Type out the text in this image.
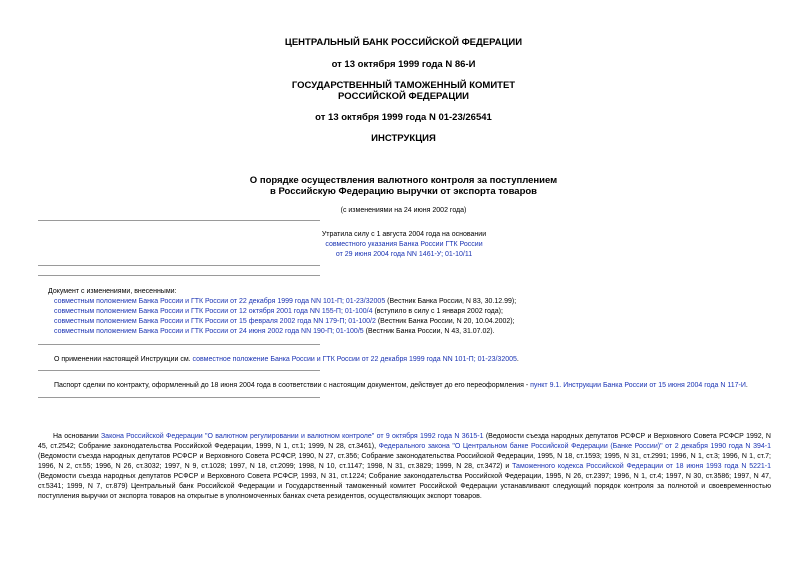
ЦЕНТРАЛЬНЫЙ БАНК РОССИЙСКОЙ ФЕДЕРАЦИИ
от 13 октября 1999 года N 86-И
ГОСУДАРСТВЕННЫЙ ТАМОЖЕННЫЙ КОМИТЕТ
РОССИЙСКОЙ ФЕДЕРАЦИИ
от 13 октября 1999 года N 01-23/26541
ИНСТРУКЦИЯ
О порядке осуществления валютного контроля за поступлением
в Российскую Федерацию выручки от экспорта товаров
(с изменениями на 24 июня 2002 года)
Утратила силу с 1 августа 2004 года на основании
совместного указания Банка России ГТК России
от 29 июня 2004 года NN 1461-У; 01-10/11
Документ с изменениями, внесенными:
совместным положением Банка России и ГТК России от 22 декабря 1999 года NN 101-П; 01-23/32005 (Вестник Банка России, N 83, 30.12.99);
совместным положением Банка России и ГТК России от 12 октября 2001 года NN 155-П; 01-100/4 (вступило в силу с 1 января 2002 года);
совместным положением Банка России и ГТК России от 15 февраля 2002 года NN 179-П; 01-100/2 (Вестник Банка России, N 20, 10.04.2002);
совместным положением Банка России и ГТК России от 24 июня 2002 года NN 190-П; 01-100/5 (Вестник Банка России, N 43, 31.07.02).
О применении настоящей Инструкции см. совместное положение Банка России и ГТК России от 22 декабря 1999 года NN 101-П; 01-23/32005.
Паспорт сделки по контракту, оформленный до 18 июня 2004 года в соответствии с настоящим документом, действует до его переоформления - пункт 9.1. Инструкции Банка России от 15 июня 2004 года N 117-И.
На основании Закона Российской Федерации "О валютном регулировании и валютном контроле" от 9 октября 1992 года N 3615-1 (Ведомости съезда народных депутатов РСФСР и Верховного Совета РСФСР 1992, N 45, ст.2542; Собрание законодательства Российской Федерации, 1999, N 1, ст.1; 1999, N 28, ст.3461), Федерального закона "О Центральном банке Российской Федерации (Банке России)" от 2 декабря 1990 года N 394-1 (Ведомости съезда народных депутатов РСФСР и Верховного Совета РСФСР, 1990, N 27, ст.356; Собрание законодательства Российской Федерации, 1995, N 18, ст.1593; 1995, N 31, ст.2991; 1996, N 1, ст.3; 1996, N 1, ст.7; 1996, N 2, ст.55; 1996, N 26, ст.3032; 1997, N 9, ст.1028; 1997, N 18, ст.2099; 1998, N 10, ст.1147; 1998, N 31, ст.3829; 1999, N 28, ст.3472) и Таможенного кодекса Российской Федерации от 18 июня 1993 года N 5221-1 (Ведомости съезда народных депутатов РСФСР и Верховного Совета РСФСР, 1993, N 31, ст.1224; Собрание законодательства Российской Федерации, 1995, N 26, ст.2397; 1996, N 1, ст.4; 1997, N 30, ст.3586; 1997, N 47, ст.5341; 1999, N 7, ст.879) Центральный банк Российской Федерации и Государственный таможенный комитет Российской Федерации устанавливают следующий порядок контроля за полнотой и своевременностью поступления выручки от экспорта товаров на открытые в уполномоченных банках счета резидентов, осуществляющих экспорт товаров.
